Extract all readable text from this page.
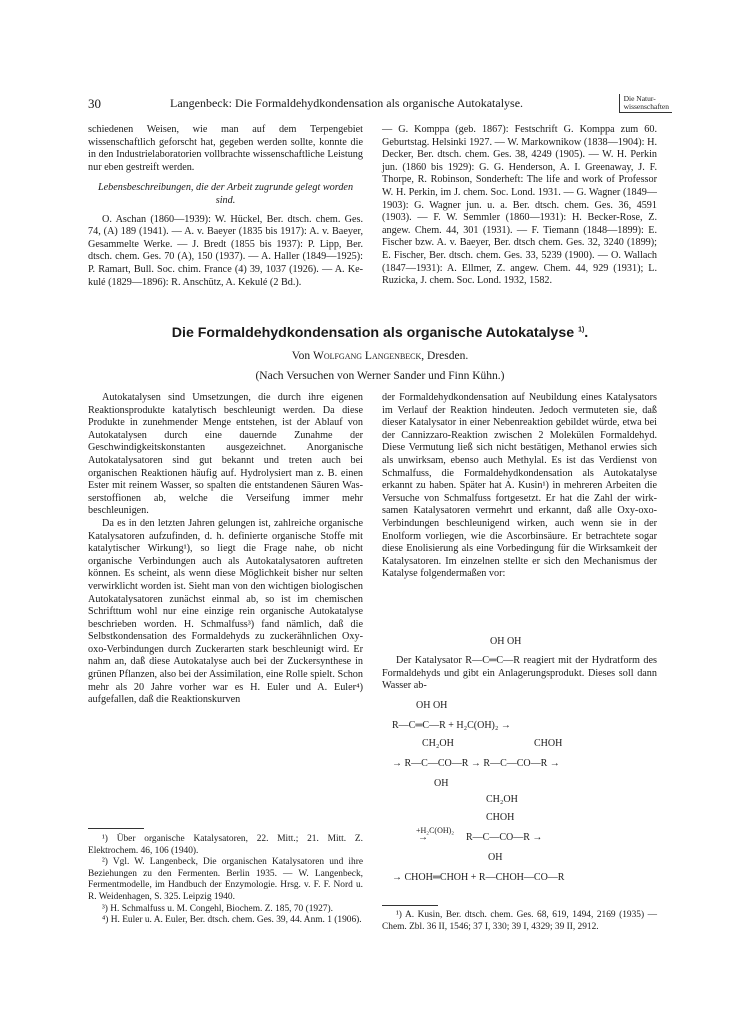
30	Langenbeck: Die Formaldehydkondensation als organische Autokatalyse.	Die Natur-
wissenschaften

schiedenen Weisen, wie man auf dem Terpengebiet wissenschaftlich geforscht hat, gegeben werden sollte, konnte die in den Industrielaboratorien vollbrachte wissenschaftliche Leistung nur eben gestreift werden.

Lebensbeschreibungen, die der Arbeit zugrunde gelegt worden sind.

O. Aschan (1860—1939): W. Hückel, Ber. dtsch. chem. Ges. 74, (A) 189 (1941). — A. v. Baeyer (1835 bis 1917): A. v. Baeyer, Gesammelte Werke. — J. Bredt (1855 bis 1937): P. Lipp, Ber. dtsch. chem. Ges. 70 (A), 150 (1937). — A. Haller (1849—1925): P. Ramart, Bull. Soc. chim. France (4) 39, 1037 (1926). — A. Kekulé (1829—1896): R. Anschütz, A. Kekulé (2 Bd.).

— G. Komppa (geb. 1867): Festschrift G. Komppa zum 60. Geburtstag. Helsinki 1927. — W. Markownikow (1838—1904): H. Decker, Ber. dtsch. chem. Ges. 38, 4249 (1905). — W. H. Perkin jun. (1860 bis 1929): G. G. Henderson, A. I. Greenaway, J. F. Thorpe, R. Robinson, Sonderheft: The life and work of Professor W. H. Perkin, im J. chem. Soc. Lond. 1931. — G. Wagner (1849—1903): G. Wagner jun. u. a. Ber. dtsch. chem. Ges. 36, 4591 (1903). — F. W. Semmler (1860—1931): H. Becker-Rose, Z. angew. Chem. 44, 301 (1931). — F. Tiemann (1848—1899): E. Fischer bzw. A. v. Baeyer, Ber. dtsch chem. Ges. 32, 3240 (1899); E. Fischer, Ber. dtsch. chem. Ges. 33, 5239 (1900). — O. Wallach (1847—1931): A. Ellmer, Z. angew. Chem. 44, 929 (1931); L. Ruzicka, J. chem. Soc. Lond. 1932, 1582.

Die Formaldehydkondensation als organische Autokatalyse $^{1)}$.
Von Wolfgang Langenbeck, Dresden.
(Nach Versuchen von Werner Sander und Finn Kühn.)

Autokatalysen sind Umsetzungen, die durch ihre eigenen Reaktionsprodukte katalytisch beschleunigt werden. Da diese Produkte in zunehmender Menge entstehen, ist der Ablauf von Autokatalysen durch eine dauernde Zunahme der Geschwindigkeitskonstanten ausgezeichnet. Anorganische Autokatalysatoren sind gut bekannt und treten auch bei organischen Reaktionen häufig auf. Hydrolysiert man z. B. einen Ester mit reinem Wasser, so spalten die entstandenen Säuren Wasserstoffionen ab, welche die Verseifung immer mehr beschleunigen.

Da es in den letzten Jahren gelungen ist, zahlreiche organische Katalysatoren aufzufinden, d. h. definierte organische Stoffe mit katalytischer Wirkung¹), so liegt die Frage nahe, ob nicht organische Verbindungen auch als Autokatalysatoren auftreten können. Es scheint, als wenn diese Möglichkeit bisher nur selten verwirklicht worden ist. Sieht man von den wichtigen biologischen Autokatalysatoren zunächst einmal ab, so ist im chemischen Schrifttum wohl nur eine einzige rein organische Autokatalyse beschrieben worden. H. Schmalfuss³) fand nämlich, daß die Selbstkondensation des Formaldehyds zu zuckerähnlichen Oxy-oxo-Verbindungen durch Zuckerarten stark beschleunigt wird. Er nahm an, daß diese Autokatalyse auch bei der Zuckersynthese in grünen Pflanzen, also bei der Assimilation, eine Rolle spielt. Schon mehr als 20 Jahre vorher war es H. Euler und A. Euler⁴) aufgefallen, daß die Reaktionskurven

¹) Über organische Katalysatoren, 22. Mitt.; 21. Mitt. Z. Elektrochem. 46, 106 (1940).

²) Vgl. W. Langenbeck, Die organischen Katalysatoren und ihre Beziehungen zu den Fermenten. Berlin 1935. — W. Langenbeck, Fermentmodelle, im Handbuch der Enzymologie. Hrsg. v. F. F. Nord u. R. Weidenhagen, S. 325. Leipzig 1940.

³) H. Schmalfuss u. M. Congehl, Biochem. Z. 185, 70 (1927).

⁴) H. Euler u. A. Euler, Ber. dtsch. chem. Ges. 39, 44. Anm. 1 (1906).

der Formaldehydkondensation auf Neubildung eines Katalysators im Verlauf der Reaktion hindeuten. Jedoch vermuteten sie, daß dieser Katalysator in einer Nebenreaktion gebildet würde, etwa bei der Cannizzaro-Reaktion zwischen 2 Molekülen Formaldehyd. Diese Vermutung ließ sich nicht bestätigen, Methanol erwies sich als unwirksam, ebenso auch Methylal. Es ist das Verdienst von Schmalfuss, die Formaldehydkondensation als Autokatalyse erkannt zu haben. Später hat A. Kusin¹) in mehreren Arbeiten die Versuche von Schmalfuss fortgesetzt. Er hat die Zahl der wirksamen Katalysatoren vermehrt und erkannt, daß alle Oxy-oxo-Verbindungen beschleunigend wirken, auch wenn sie in der Enolform vorliegen, wie die Ascorbinsäure. Er betrachtete sogar diese Enolisierung als eine Vorbedingung für die Wirksamkeit der Katalysatoren. Im einzelnen stellte er sich den Mechanismus der Katalyse folgendermaßen vor:

OH OH

Der Katalysator R—C═C—R reagiert mit der Hydratform des Formaldehyds und gibt ein Anlagerungsprodukt. Dieses soll dann Wasser ab-

OH OH
R—C═C—R + H₂C(OH)₂ →
CH₂OH	CHOH
→ R—C—CO—R → R—C—CO—R →
OH
CH₂OH
CHOH
+H₂C(OH)₂
→	R—C—CO—R →
OH
→ CHOH═CHOH + R—CHOH—CO—R

¹) A. Kusin, Ber. dtsch. chem. Ges. 68, 619, 1494, 2169 (1935) — Chem. Zbl. 36 II, 1546; 37 I, 330; 39 I, 4329; 39 II, 2912.
